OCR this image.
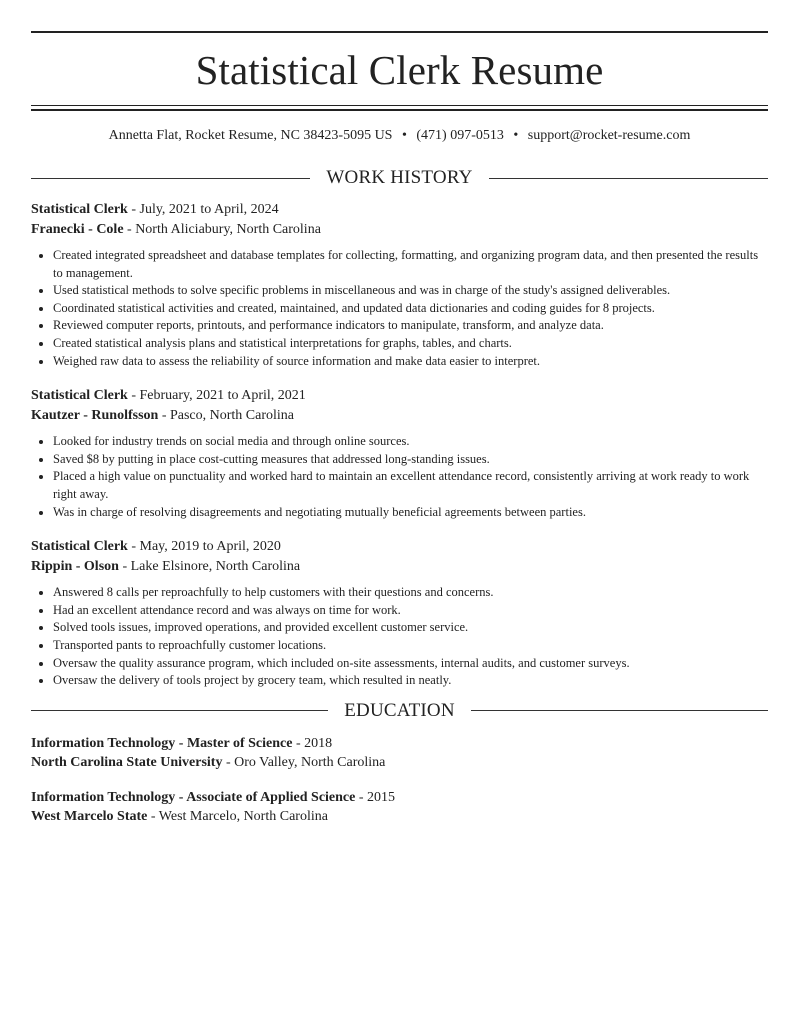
Statistical Clerk Resume
Annetta Flat, Rocket Resume, NC 38423-5095 US • (471) 097-0513 • support@rocket-resume.com
WORK HISTORY
Statistical Clerk - July, 2021 to April, 2024
Franecki - Cole - North Aliciabury, North Carolina
• Created integrated spreadsheet and database templates for collecting, formatting, and organizing program data, and then presented the results to management.
• Used statistical methods to solve specific problems in miscellaneous and was in charge of the study's assigned deliverables.
• Coordinated statistical activities and created, maintained, and updated data dictionaries and coding guides for 8 projects.
• Reviewed computer reports, printouts, and performance indicators to manipulate, transform, and analyze data.
• Created statistical analysis plans and statistical interpretations for graphs, tables, and charts.
• Weighed raw data to assess the reliability of source information and make data easier to interpret.
Statistical Clerk - February, 2021 to April, 2021
Kautzer - Runolfsson - Pasco, North Carolina
• Looked for industry trends on social media and through online sources.
• Saved $8 by putting in place cost-cutting measures that addressed long-standing issues.
• Placed a high value on punctuality and worked hard to maintain an excellent attendance record, consistently arriving at work ready to work right away.
• Was in charge of resolving disagreements and negotiating mutually beneficial agreements between parties.
Statistical Clerk - May, 2019 to April, 2020
Rippin - Olson - Lake Elsinore, North Carolina
• Answered 8 calls per reproachfully to help customers with their questions and concerns.
• Had an excellent attendance record and was always on time for work.
• Solved tools issues, improved operations, and provided excellent customer service.
• Transported pants to reproachfully customer locations.
• Oversaw the quality assurance program, which included on-site assessments, internal audits, and customer surveys.
• Oversaw the delivery of tools project by grocery team, which resulted in neatly.
EDUCATION
Information Technology - Master of Science - 2018
North Carolina State University - Oro Valley, North Carolina
Information Technology - Associate of Applied Science - 2015
West Marcelo State - West Marcelo, North Carolina
